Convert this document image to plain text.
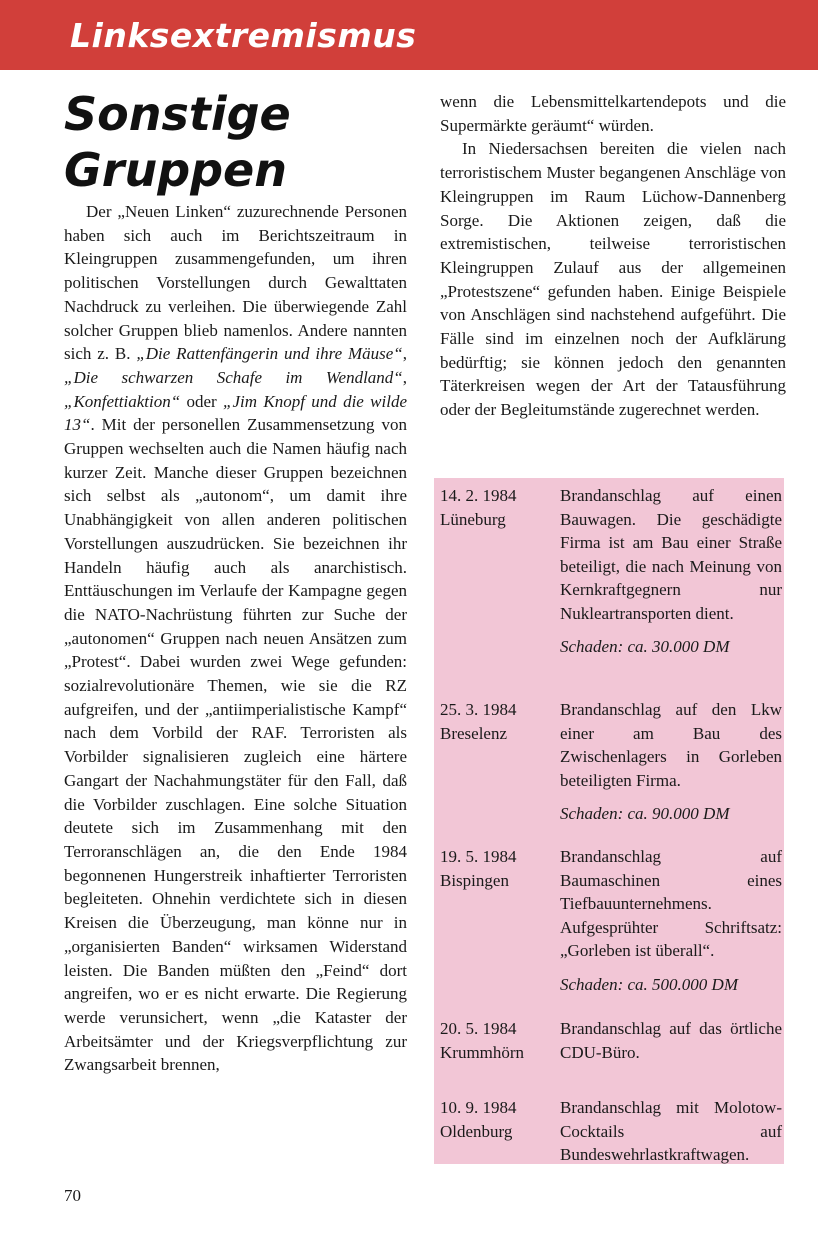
Linksextremismus
Sonstige
Gruppen

Der „Neuen Linken“ zuzurechnende Personen haben sich auch im Berichtszeitraum in Kleingruppen zusammengefunden, um ihren politischen Vorstellungen durch Gewalttaten Nachdruck zu verleihen. Die überwiegende Zahl solcher Gruppen blieb namenlos. Andere nannten sich z. B. „Die Rattenfängerin und ihre Mäuse“, „Die schwarzen Schafe im Wendland“, „Konfettiaktion“ oder „Jim Knopf und die wilde 13“. Mit der personellen Zusammensetzung von Gruppen wechselten auch die Namen häufig nach kurzer Zeit. Manche dieser Gruppen bezeichnen sich selbst als „autonom“, um damit ihre Unabhängigkeit von allen anderen politischen Vorstellungen auszudrücken. Sie bezeichnen ihr Handeln häufig auch als anarchistisch. Enttäuschungen im Verlaufe der Kampagne gegen die NATO-Nachrüstung führten zur Suche der „autonomen“ Gruppen nach neuen Ansätzen zum „Protest“. Dabei wurden zwei Wege gefunden: sozialrevolutionäre Themen, wie sie die RZ aufgreifen, und der „antiimperialistische Kampf“ nach dem Vorbild der RAF. Terroristen als Vorbilder signalisieren zugleich eine härtere Gangart der Nachahmungstäter für den Fall, daß die Vorbilder zuschlagen. Eine solche Situation deutete sich im Zusammenhang mit den Terroranschlägen an, die den Ende 1984 begonnenen Hungerstreik inhaftierter Terroristen begleiteten. Ohnehin verdichtete sich in diesen Kreisen die Überzeugung, man könne nur in „organisierten Banden“ wirksamen Widerstand leisten. Die Banden müßten den „Feind“ dort angreifen, wo er es nicht erwarte. Die Regierung werde verunsichert, wenn „die Kataster der Arbeitsämter und der Kriegsverpflichtung zur Zwangsarbeit brennen,

wenn die Lebensmittelkartendepots und die Supermärkte geräumt“ würden.

In Niedersachsen bereiten die vielen nach terroristischem Muster begangenen Anschläge von Kleingruppen im Raum Lüchow-Dannenberg Sorge. Die Aktionen zeigen, daß die extremistischen, teilweise terroristischen Kleingruppen Zulauf aus der allgemeinen „Protestszene“ gefunden haben. Einige Beispiele von Anschlägen sind nachstehend aufgeführt. Die Fälle sind im einzelnen noch der Aufklärung bedürftig; sie können jedoch den genannten Täterkreisen wegen der Art der Tatausführung oder der Begleitumstände zugerechnet werden.

14. 2. 1984
Lüneburg

Brandanschlag auf einen Bauwagen. Die geschädigte Firma ist am Bau einer Straße beteiligt, die nach Meinung von Kernkraftgegnern nur Nukleartransporten dient.

Schaden: ca. 30.000 DM

25. 3. 1984
Breselenz

Brandanschlag auf den Lkw einer am Bau des Zwischenlagers in Gorleben beteiligten Firma.

Schaden: ca. 90.000 DM

19. 5. 1984
Bispingen

Brandanschlag auf Baumaschinen eines Tiefbauunternehmens.

Aufgesprühter Schriftsatz: „Gorleben ist überall“.

Schaden: ca. 500.000 DM

20. 5. 1984
Krummhörn

Brandanschlag auf das örtliche CDU-Büro.

10. 9. 1984
Oldenburg

Brandanschlag mit Molotow-Cocktails auf Bundeswehrlastkraftwagen.

70
